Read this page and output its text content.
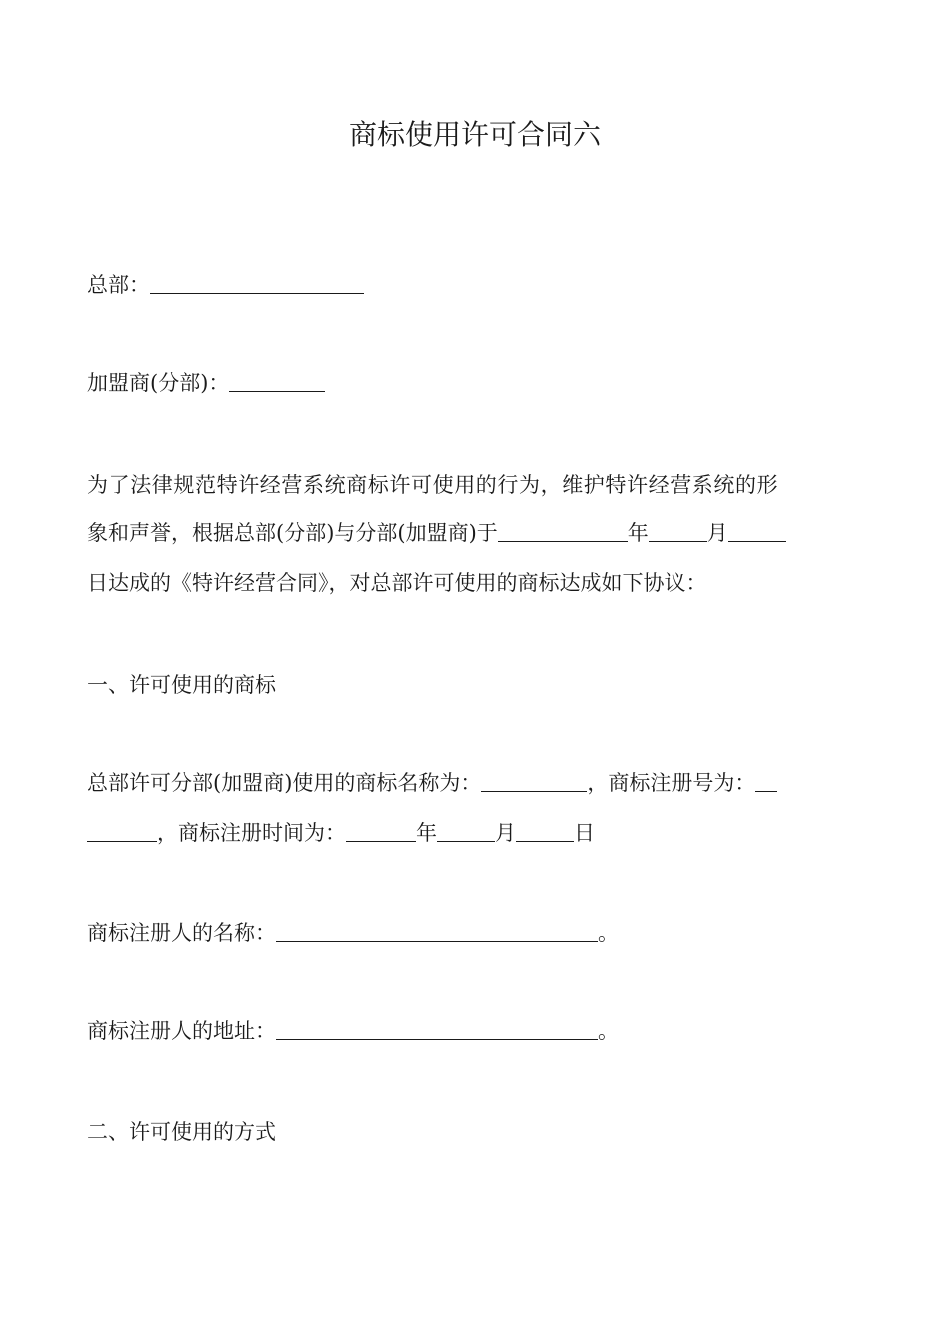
商标使用许可合同六
总部：
加盟商(分部)：
为了法律规范特许经营系统商标许可使用的行为，维护特许经营系统的形
象和声誉，根据总部(分部)与分部(加盟商)于	年	月
日达成的《特许经营合同》，对总部许可使用的商标达成如下协议：
一、许可使用的商标
总部许可分部(加盟商)使用的商标名称为：	，商标注册号为：
，商标注册时间为：	年	月	日
商标注册人的名称：	。
商标注册人的地址：	。
二、许可使用的方式
